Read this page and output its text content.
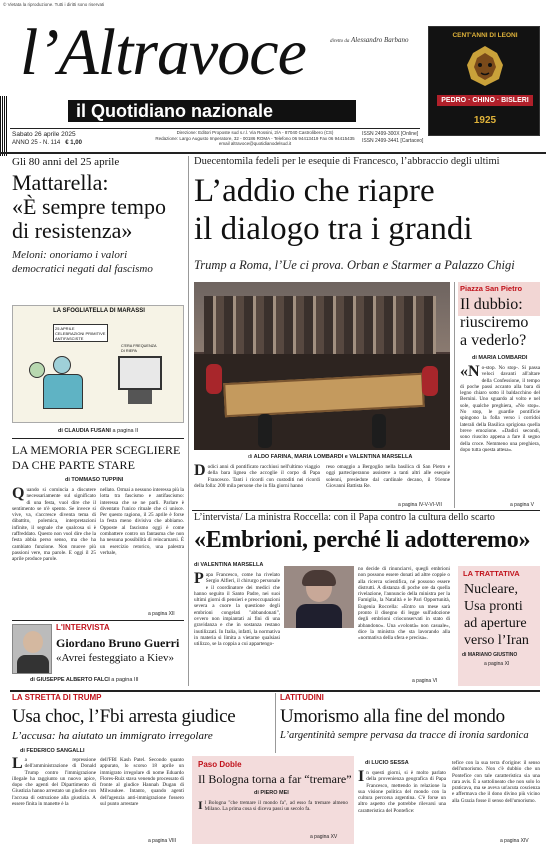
© Vietata la riproduzione. Tutti i diritti sono riservati
l’Altravoce	diretto da Alessandro Barbano
il Quotidiano nazionale
CENT'ANNI DI LEONI
PEDRO · CHINO · BISLERI
1925
Sabato 26 aprile 2025
ANNO 25 - N. 114 € 1,00
Direzione: Editori Proposte sud s.r.l. Via Rossini, 2/A - 87040 Castrolibero (CS)
Redazione: Largo Augusto Imperatore, 32 - 00186 ROMA - Telefono 06 94413419 Fax 06 94415435
email altravoce@quotidianodelsud.it
ISSN 2499-300X [Online]
ISSN 2499-3441 [Cartaceo]
Gli 80 anni del 25 aprile
Mattarella:
«È sempre tempo
di resistenza»
Meloni: onoriamo i valori
democratici negati dal fascismo
LA SFOGLIATELLA DI MARASSI
25 APRILE
CELEBRAZIONI PRIMITIVE ANTIFASCISTE
C'ERA FREQUENZA DI RIEPA
di CLAUDIA FUSANI a pagina II
LA MEMORIA PER SCEGLIERE
DA CHE PARTE STARE
di TOMMASO TUPPINI
Quando si comincia a discutere necessariamente sul significato di una festa, vuol dire che il sentimento se n'è spento. Se invece si vive, va, s'accresce diventa tema di dibattito, polemica, interpretazioni infinite, il segnale che qualcosa si è raffreddato. Questo non vuol dire che la festa abbia perso senso, ma che ha cambiato funzione. Non muove più passioni vere, ma parole. E oggi il 25 aprile produce parole.
nellato. Ormai a nessuno interessa più la lotta tra fascismo e antifascismo: interessa che se ne parli. Parlare è diventato l'unico rituale che ci unisce. Per questo ragiono, il 25 aprile è forse la festa meno divisiva che abbiamo. Opposte al fascismo oggi è come combattere contro un fantasma che non ha nessuna possibilità di reincarnarsi. È un esercizio retorico, una palestra verbale,
a pagina XII
L'INTERVISTA
Giordano Bruno Guerri
«Avrei festeggiato a Kiev»
di GIUSEPPE ALBERTO FALCI a pagina III
Duecentomila fedeli per le esequie di Francesco, l’abbraccio degli ultimi
L’addio che riapre
il dialogo tra i grandi
Trump a Roma, l’Ue ci prova. Orban e Starmer a Palazzo Chigi
di ALDO FARINA, MARIA LOMBARDI e VALENTINA MARSELLA
Dodici anni di pontificato racchiusi nell'ultimo viaggio della bara lignea che accoglie il corpo di Papa Francesco. Tanti i ricordi con custoditi nei ricordi della folla: 200 mila persone che in fila giorni hanno
reso omaggio a Bergoglio nella basilica di San Pietro e oggi parteciperanno assistere a tanti altri alle esequie solenni, presiedute dal cardinale decano, il 91enne Giovanni Battista Re.
a pagina IV-V-VI-VII
Piazza San Pietro
Il dubbio:
riusciremo
a vederlo?
di MARIA LOMBARDI
«No-stop. No stop-. Si passa veloci davanti all'altare della Confessione, il tempo di poche passi accanto alla bara di legno chiaro sotto il baldacchino del Bernini. Uno sguardo al volto e nel sole, qualche preghiera, «No stop». No stop, le guardie pontificie spingono la folla verso i corridoi laterali della Basilica sprigiona quella breve emozione. «Dadici secondi, sono riuscito appena a fare il segno della croce. Nemmeno una preghiera, dopo tutta questa attesa».
a pagina V
L’intervista/ La ministra Roccella: con il Papa contro la cultura dello scarto
«Embrioni, perché li adotteremo»
di VALENTINA MARSELLA
Papa Francesco, come ha rivelato Sergio Alfieri, il chirurgo personale e il coordinatore dei medici che hanno seguito il Santo Padre, nei suoi ultimi giorni di pensieri e preoccupazioni severa a cuore la questione degli embrioni congelati "abbandonati", ovvero non impiantati ai fini di una gravidanza e che in sostanza restano inutilizzati. In Italia, infatti, la normativa in materia si limita a vietarne qualsiasi utilizzo, se la coppia a cui appartengo-
no decide di rinunciarvi, quegli embrioni non possono essere donati ad altre coppie o alla ricerca scientifica, né possono essere distrutti. A distanza di poche ore da quella rivelazione, l'annuncio della ministra per la Famiglia, la Natalità e le Pari Opportunità, Eugenia Roccella: «Entro un mese sarà pronto il disegno di legge sull'adozione degli embrioni crioconservati in stato di abbandono». Una «volontà» non casuale», dice la ministra che sta lavorando alla «normativa della sfera e precisa».
a pagina VI
LA TRATTATIVA
Nucleare,
Usa pronti
ad aperture
verso l’Iran
di MARIANO GIUSTINO
a pagina XI
LA STRETTA DI TRUMP
Usa choc, l’Fbi arresta giudice
L’accusa: ha aiutato un immigrato irregolare
di FEDERICO SANGALLI
La repressione dell'amministrazione di Donald Trump contro l'immigrazione illegale ha raggiunto un nuovo apice, dopo che agenti del Dipartimento di Giustizia hanno arrestato un giudice con l'accusa di ostruzione alla giustizia. A essere finita in manette è la
dell'FBI Kash Patel. Secondo quanto appurato, lo scorso 18 aprile un immigrato irregolare di nome Eduardo Flores-Ruiz stava venendo processato di fronte al giudice Hannah Dugan di Milwaukee. Intanto, quando agenti dell'agenzia anti-immigrazione fossero sul punto arrestare
a pagina VIII
Paso Doble
Il Bologna torna a far “tremare”
di PIERO MEI
Il Bologna "che tremare il mondo fa", ad esso fa tremare almeno Milano. La prima cosa si diceva passi un secolo fa.
a pagina XV
LATITUDINI
Umorismo alla fine del mondo
L’argentinità sempre pervasa da tracce di ironia sardonica
di LUCIO SESSA
In questi giorni, si è molto parlato della provenienza geografica di Papa Francesco, mettendo in relazione la sua visione politica del mondo con la cultura percorsa argentina. C'è forse un altro aspetto che potrebbe rilevarsi una caratteristica del Pontefice:
tefice con la sua terra d'origine: il senso dell'umorismo. Non c'è dubbio che un Pontefice con tale caratteristica sia una rara avis. È a sottolineato che non solo lo praticava, ma se aveva un'acuta coscienza e affermava che il dono divino più vicino alla Grazia fosse il senso dell'umorismo.
a pagina XIV
